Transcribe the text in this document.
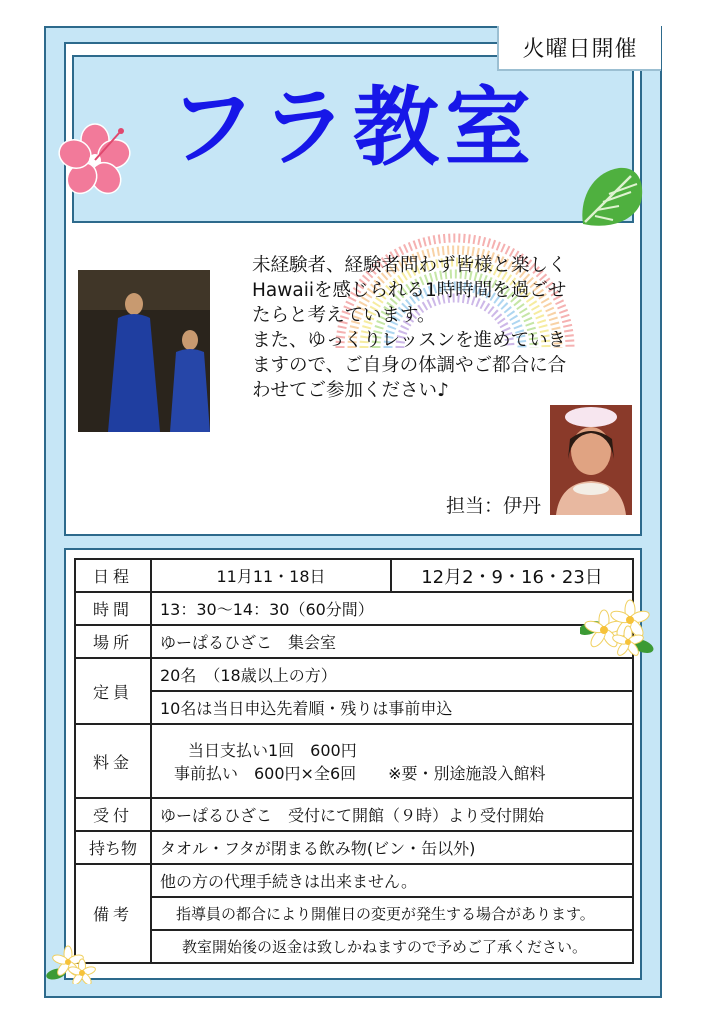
火曜日開催
フラ教室
未経験者、経験者問わず皆様と楽しく
Hawaiiを感じられる1時時間を過ごせ
たらと考えています。
また、ゆっくりレッスンを進めていき
ますので、ご自身の体調やご都合に合
わせてご参加ください♪
担当：伊丹
日程	11月11・18日	12月2・9・16・23日
時間	13：30～14：30（60分間）	
場所	ゆーぱるひざこ　集会室	
定員	20名　（18歳以上の方）	
	10名は当日申込先着順・残りは事前申込	
料金	当日支払い1回　600円
事前払い　600円×全6回　　※要・別途施設入館料	

受付	ゆーぱるひざこ　受付にて開館（９時）より受付開始	
持ち物	タオル・フタが閉まる飲み物(ビン・缶以外)	
備考	他の方の代理手続きは出来ません。	
	指導員の都合により開催日の変更が発生する場合があります。	
	教室開始後の返金は致しかねますので予めご了承ください。	
